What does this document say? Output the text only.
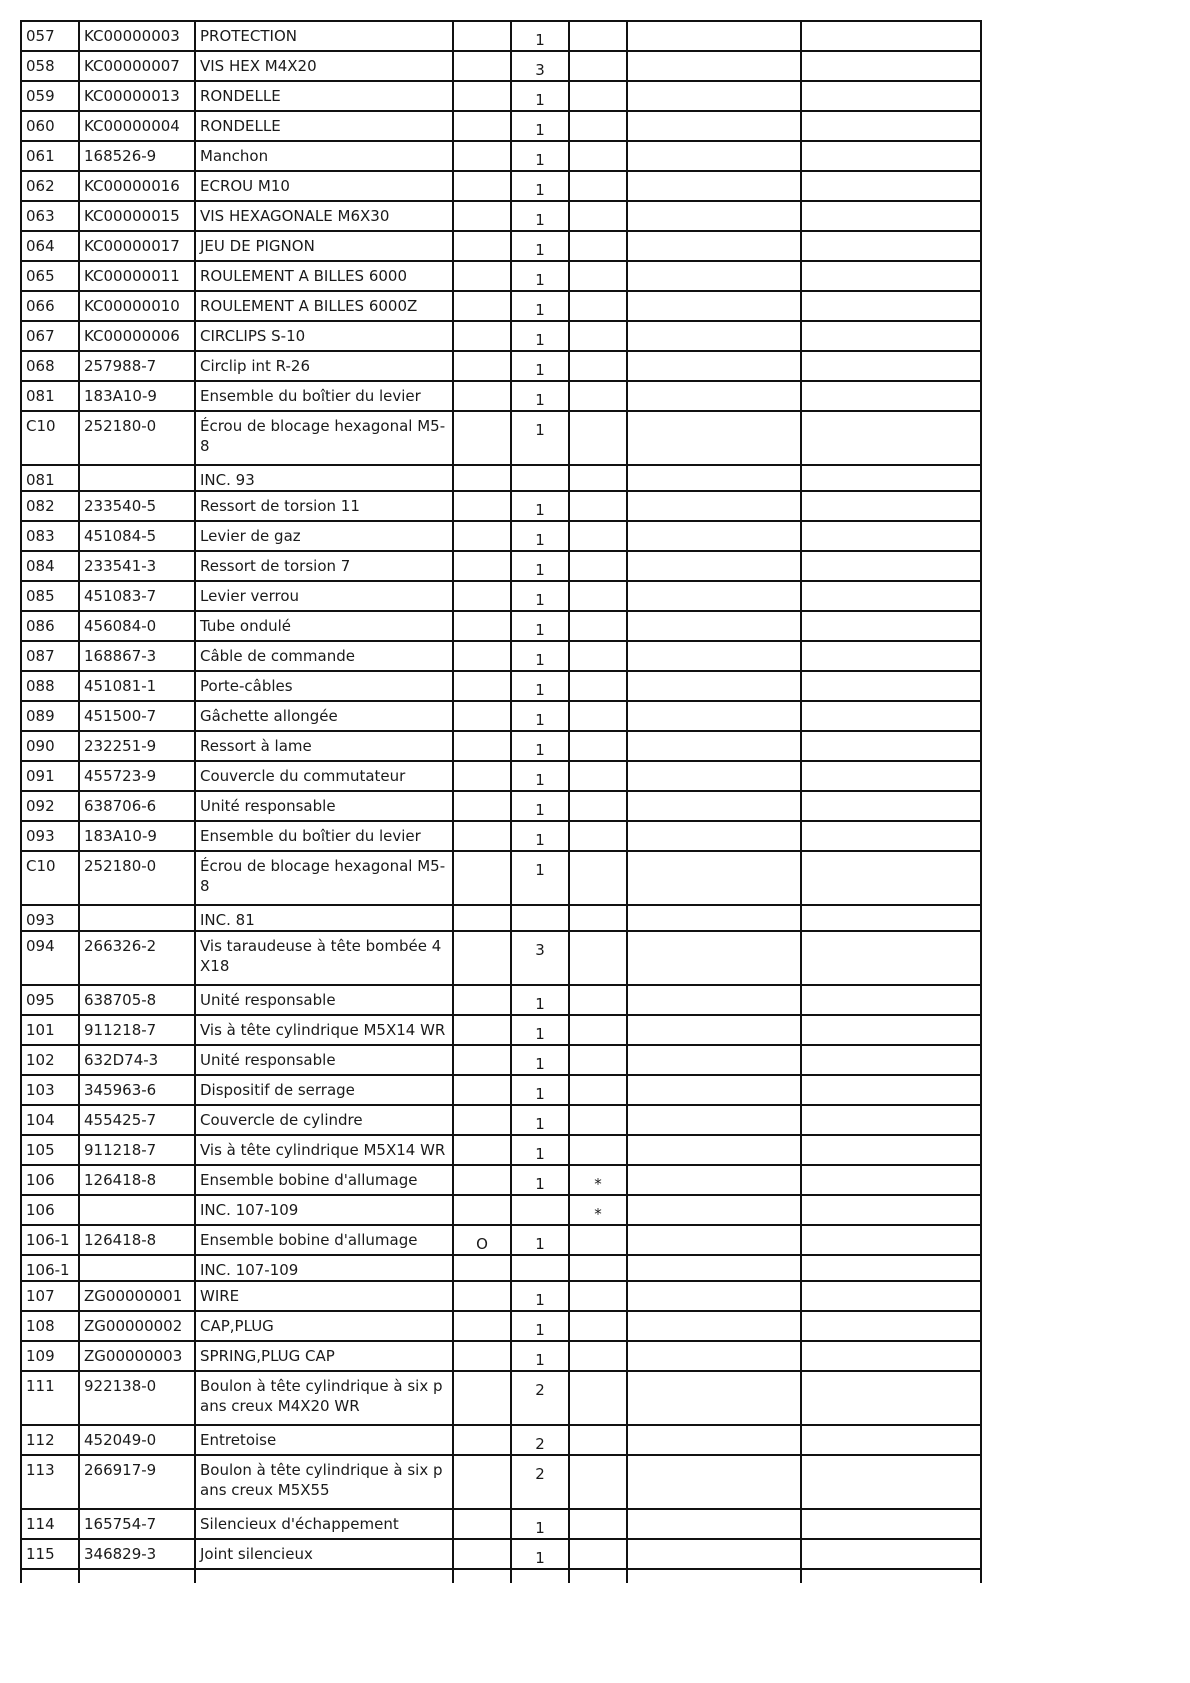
057	KC00000003	PROTECTION		1			
058	KC00000007	VIS HEX M4X20		3			
059	KC00000013	RONDELLE		1			
060	KC00000004	RONDELLE		1			
061	168526-9	Manchon		1			
062	KC00000016	ECROU M10		1			
063	KC00000015	VIS HEXAGONALE M6X30		1			
064	KC00000017	JEU DE PIGNON		1			
065	KC00000011	ROULEMENT A BILLES 6000		1			
066	KC00000010	ROULEMENT A BILLES 6000Z		1			
067	KC00000006	CIRCLIPS S-10		1			
068	257988-7	Circlip int R-26		1			
081	183A10-9	Ensemble du boîtier du levier		1			
C10	252180-0	Écrou de blocage hexagonal M5-8		1			
081		INC. 93					
082	233540-5	Ressort de torsion 11		1			
083	451084-5	Levier de gaz		1			
084	233541-3	Ressort de torsion 7		1			
085	451083-7	Levier verrou		1			
086	456084-0	Tube ondulé		1			
087	168867-3	Câble de commande		1			
088	451081-1	Porte-câbles		1			
089	451500-7	Gâchette allongée		1			
090	232251-9	Ressort à lame		1			
091	455723-9	Couvercle du commutateur		1			
092	638706-6	Unité responsable		1			
093	183A10-9	Ensemble du boîtier du levier		1			
C10	252180-0	Écrou de blocage hexagonal M5-8		1			
093		INC. 81					
094	266326-2	Vis taraudeuse à tête bombée 4X18		3			
095	638705-8	Unité responsable		1			
101	911218-7	Vis à tête cylindrique M5X14 WR		1			
102	632D74-3	Unité responsable		1			
103	345963-6	Dispositif de serrage		1			
104	455425-7	Couvercle de cylindre		1			
105	911218-7	Vis à tête cylindrique M5X14 WR		1			
106	126418-8	Ensemble bobine d'allumage		1	*		
106		INC. 107-109			*		
106-1	126418-8	Ensemble bobine d'allumage	O	1			
106-1		INC. 107-109					
107	ZG00000001	WIRE		1			
108	ZG00000002	CAP,PLUG		1			
109	ZG00000003	SPRING,PLUG CAP		1			
111	922138-0	Boulon à tête cylindrique à six pans creux M4X20 WR		2			
112	452049-0	Entretoise		2			
113	266917-9	Boulon à tête cylindrique à six pans creux M5X55		2			
114	165754-7	Silencieux d'échappement		1			
115	346829-3	Joint silencieux		1			
